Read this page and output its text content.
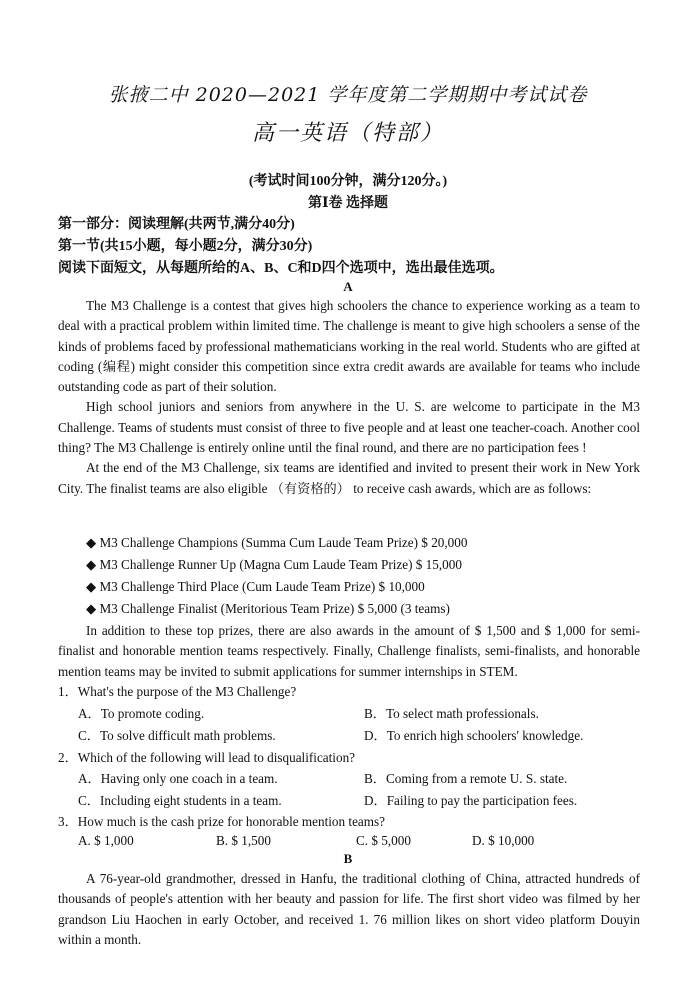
张掖二中 2020—2021 学年度第二学期期中考试试卷
高一英语（特部）
(考试时间100分钟，满分120分。)
第Ⅰ卷 选择题
第一部分：阅读理解(共两节,满分40分)
第一节(共15小题，每小题2分，满分30分)
阅读下面短文，从每题所给的A、B、C和D四个选项中，选出最佳选项。
A

The M3 Challenge is a contest that gives high schoolers the chance to experience working as a team to deal with a practical problem within limited time. The challenge is meant to give high schoolers a sense of the kinds of problems faced by professional mathematicians working in the real world. Students who are gifted at coding (编程) might consider this competition since extra credit awards are available for teams who include outstanding code as part of their solution.

High school juniors and seniors from anywhere in the U. S. are welcome to participate in the M3 Challenge. Teams of students must consist of three to five people and at least one teacher-coach. Another cool thing? The M3 Challenge is entirely online until the final round, and there are no participation fees !

At the end of the M3 Challenge, six teams are identified and invited to present their work in New York City. The finalist teams are also eligible （有资格的） to receive cash awards, which are as follows:

◆ M3 Challenge Champions (Summa Cum Laude Team Prize) $ 20,000
◆ M3 Challenge Runner Up (Magna Cum Laude Team Prize) $ 15,000
◆ M3 Challenge Third Place (Cum Laude Team Prize) $ 10,000
◆ M3 Challenge Finalist (Meritorious Team Prize) $ 5,000 (3 teams)

In addition to these top prizes, there are also awards in the amount of $ 1,500 and $ 1,000 for semi-finalist and honorable mention teams respectively. Finally, Challenge finalists, semi-finalists, and honorable mention teams may be invited to submit applications for summer internships in STEM.

1．What's the purpose of the M3 Challenge?
A．To promote coding.	B．To select math professionals.
C．To solve difficult math problems.	D．To enrich high schoolers' knowledge.
2．Which of the following will lead to disqualification?
A．Having only one coach in a team.	B．Coming from a remote U. S. state.
C．Including eight students in a team.	D．Failing to pay the participation fees.
3．How much is the cash prize for honorable mention teams?
A. $ 1,000	B. $ 1,500	C. $ 5,000	D. $ 10,000
B

A 76-year-old grandmother, dressed in Hanfu, the traditional clothing of China, attracted hundreds of thousands of people's attention with her beauty and passion for life. The first short video was filmed by her grandson Liu Haochen in early October, and received 1. 76 million likes on short video platform Douyin within a month.
